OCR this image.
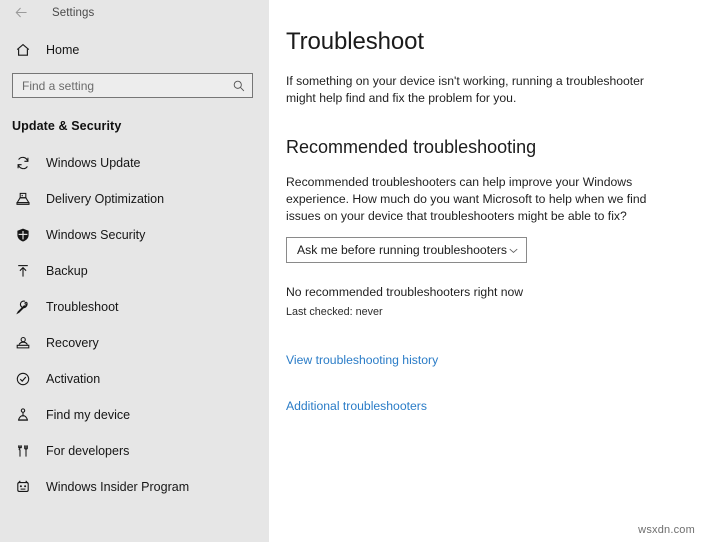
Settings
Home
Find a setting
Update & Security
Windows Update
Delivery Optimization
Windows Security
Backup
Troubleshoot
Recovery
Activation
Find my device
For developers
Windows Insider Program
Troubleshoot

If something on your device isn't working, running a troubleshooter might help find and fix the problem for you.

Recommended troubleshooting

Recommended troubleshooters can help improve your Windows experience. How much do you want Microsoft to help when we find issues on your device that troubleshooters might be able to fix?

Ask me before running troubleshooters

No recommended troubleshooters right now

Last checked: never

View troubleshooting history
Additional troubleshooters
wsxdn.com
